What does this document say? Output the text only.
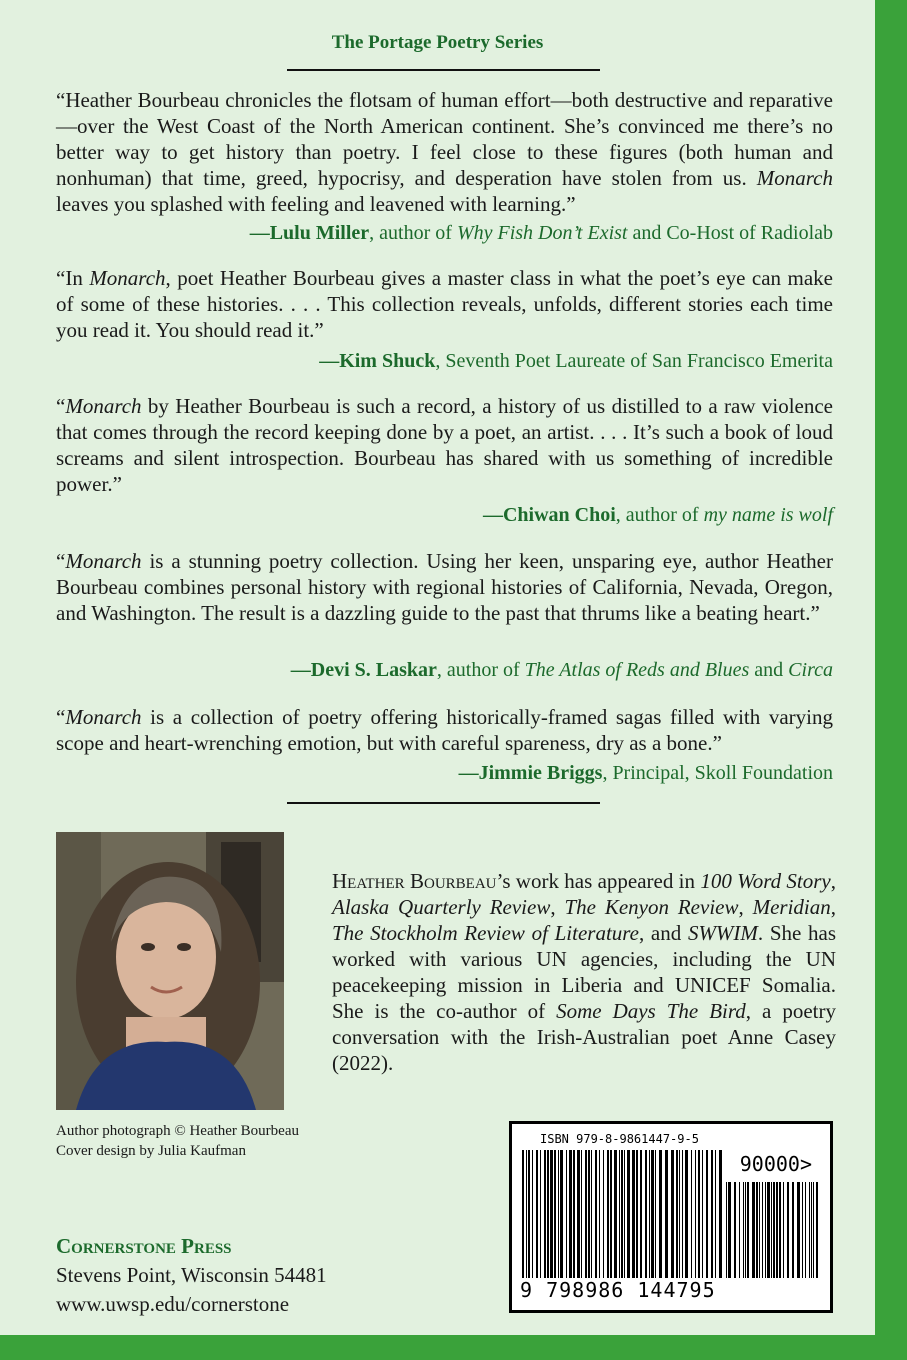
The Portage Poetry Series
“Heather Bourbeau chronicles the flotsam of human effort—both destructive and reparative—over the West Coast of the North American continent. She’s convinced me there’s no better way to get history than poetry. I feel close to these figures (both human and nonhuman) that time, greed, hypocrisy, and desperation have stolen from us. Monarch leaves you splashed with feeling and leavened with learning.”
—Lulu Miller, author of Why Fish Don’t Exist and Co-Host of Radiolab
“In Monarch, poet Heather Bourbeau gives a master class in what the poet’s eye can make of some of these histories. . . . This collection reveals, unfolds, different stories each time you read it. You should read it.”
—Kim Shuck, Seventh Poet Laureate of San Francisco Emerita
“Monarch by Heather Bourbeau is such a record, a history of us distilled to a raw violence that comes through the record keeping done by a poet, an artist. . . . It’s such a book of loud screams and silent introspection. Bourbeau has shared with us something of incredible power.”
—Chiwan Choi, author of my name is wolf
“Monarch is a stunning poetry collection. Using her keen, unsparing eye, author Heather Bourbeau combines personal history with regional histories of California, Nevada, Oregon, and Washington. The result is a dazzling guide to the past that thrums like a beating heart.”
—Devi S. Laskar, author of The Atlas of Reds and Blues and Circa
“Monarch is a collection of poetry offering historically-framed sagas filled with varying scope and heart-wrenching emotion, but with careful spareness, dry as a bone.”
—Jimmie Briggs, Principal, Skoll Foundation
Heather Bourbeau’s work has appeared in 100 Word Story, Alaska Quarterly Review, The Kenyon Review, Meridian, The Stockholm Review of Literature, and SWWIM. She has worked with various UN agencies, including the UN peacekeeping mission in Liberia and UNICEF Somalia. She is the co-author of Some Days The Bird, a poetry conversation with the Irish-Australian poet Anne Casey (2022).
Author photograph © Heather Bourbeau
Cover design by Julia Kaufman
Cornerstone Press
Stevens Point, Wisconsin 54481
www.uwsp.edu/cornerstone
ISBN 979-8-9861447-9-5
90000>
9 798986 144795
